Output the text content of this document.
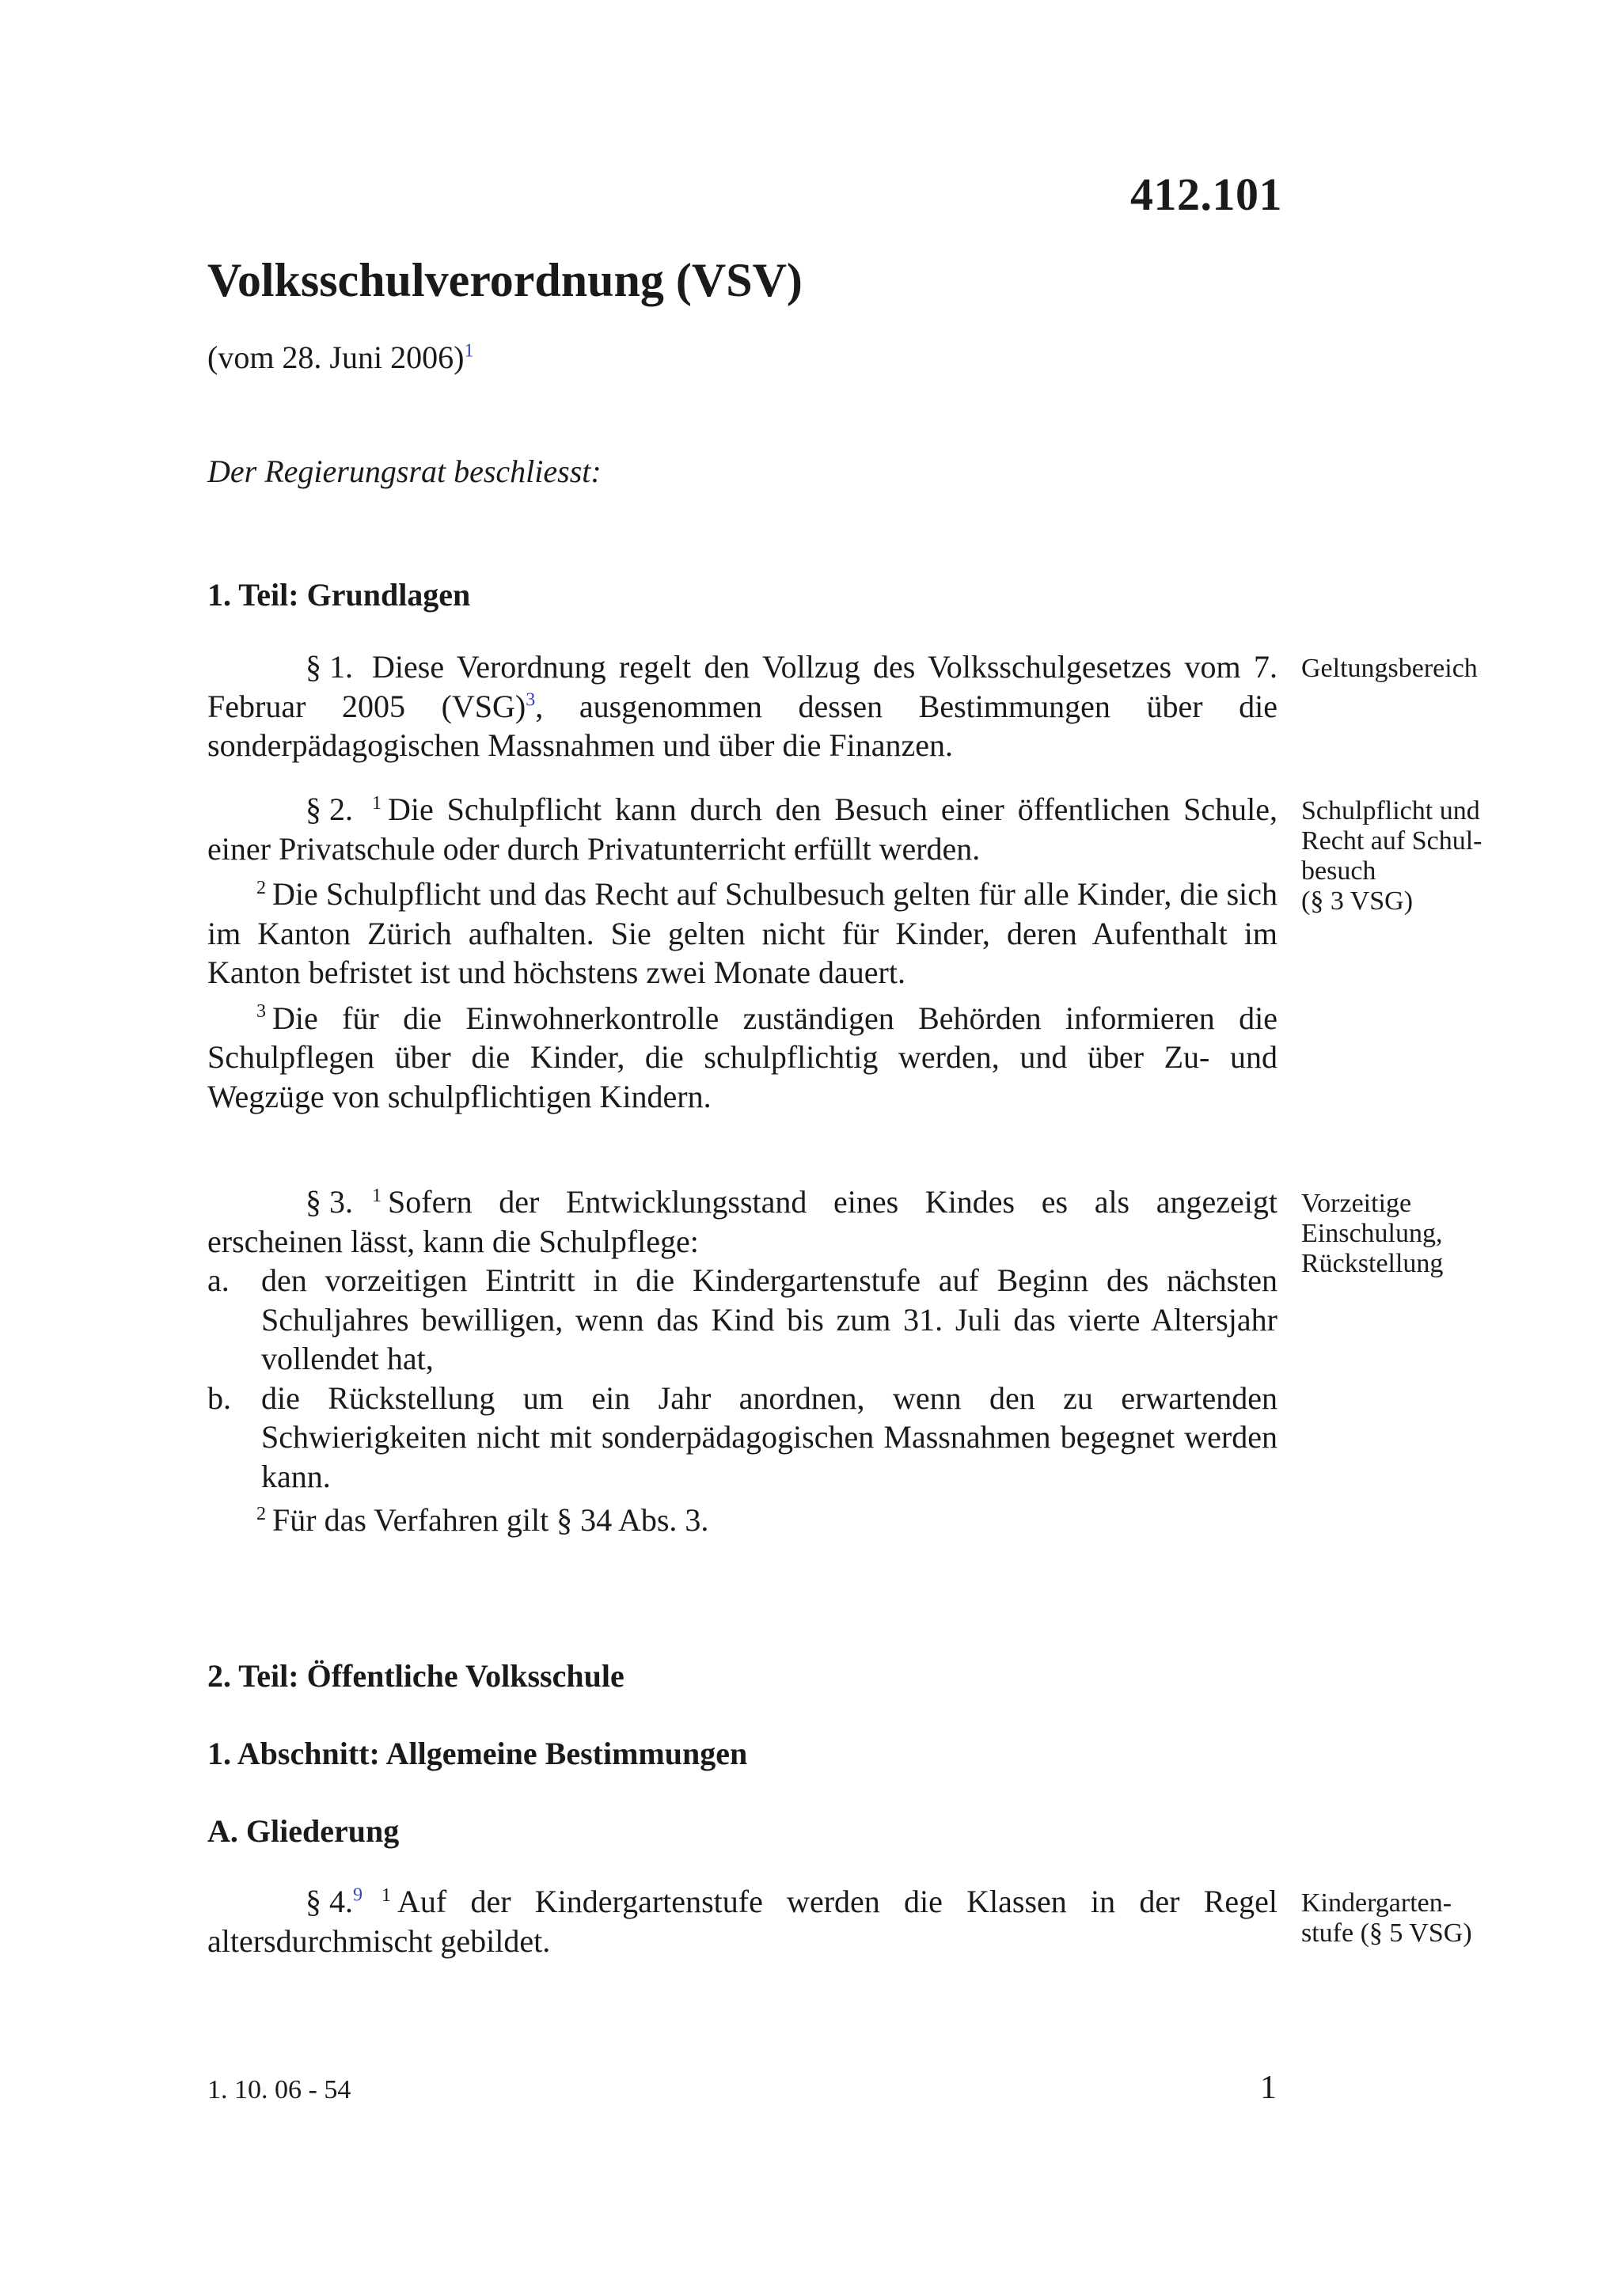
412.101
Volksschulverordnung (VSV)
(vom 28. Juni 2006)$^1$
Der Regierungsrat beschliesst:
1. Teil: Grundlagen

§ 1. Diese Verordnung regelt den Vollzug des Volksschulgesetzes vom 7. Februar 2005 (VSG)$^3$, ausgenommen dessen Bestimmungen über die sonderpädagogischen Massnahmen und über die Finanzen.

Geltungsbereich

§ 2. $^1$ Die Schulpflicht kann durch den Besuch einer öffentlichen Schule, einer Privatschule oder durch Privatunterricht erfüllt werden.

$^2$ Die Schulpflicht und das Recht auf Schulbesuch gelten für alle Kinder, die sich im Kanton Zürich aufhalten. Sie gelten nicht für Kinder, deren Aufenthalt im Kanton befristet ist und höchstens zwei Monate dauert.

$^3$ Die für die Einwohnerkontrolle zuständigen Behörden informieren die Schulpflegen über die Kinder, die schulpflichtig werden, und über Zu- und Wegzüge von schulpflichtigen Kindern.

Schulpflicht und
Recht auf Schul-
besuch
(§ 3 VSG)

§ 3. $^1$ Sofern der Entwicklungsstand eines Kindes es als angezeigt erscheinen lässt, kann die Schulpflege:

a. den vorzeitigen Eintritt in die Kindergartenstufe auf Beginn des nächsten Schuljahres bewilligen, wenn das Kind bis zum 31. Juli das vierte Altersjahr vollendet hat,

b. die Rückstellung um ein Jahr anordnen, wenn den zu erwartenden Schwierigkeiten nicht mit sonderpädagogischen Massnahmen begegnet werden kann.

$^2$ Für das Verfahren gilt § 34 Abs. 3.

Vorzeitige
Einschulung,
Rückstellung
2. Teil: Öffentliche Volksschule
1. Abschnitt: Allgemeine Bestimmungen
A. Gliederung

§ 4.$^9$ $^1$ Auf der Kindergartenstufe werden die Klassen in der Regel altersdurchmischt gebildet.

Kindergarten-
stufe (§ 5 VSG)
1. 10. 06 - 54	1
